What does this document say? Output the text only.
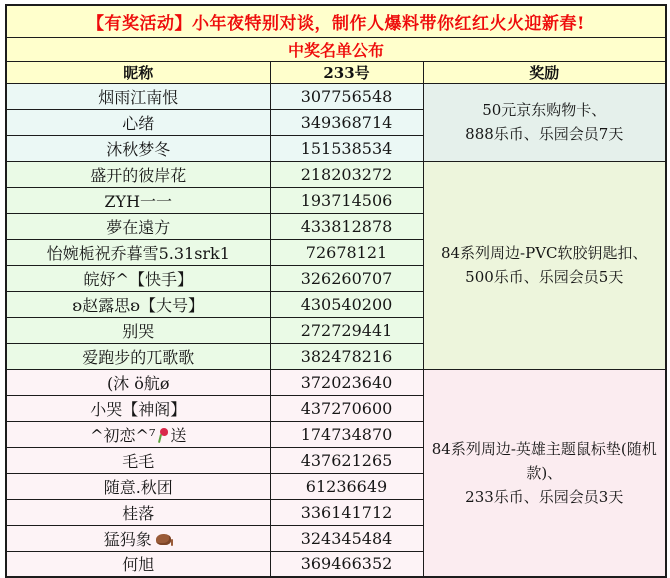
【有奖活动】小年夜特别对谈，制作人爆料带你红红火火迎新春!		
中奖名单公布		
昵称	233号	奖励
烟雨江南恨	307756548	50元京东购物卡、
888乐币、乐园会员7天

心绪	349368714	
沐秋梦冬	151538534	
盛开的彼岸花	218203272	84系列周边-PVC软胶钥匙扣、
500乐币、乐园会员5天

ZYH一一	193714506	
夢在遠方	433812878	
怡婉栀祝乔暮雪5.31srk1	72678121	
皖妤^【快手】	326260707	
ʚ赵露思ʚ【大号】	430540200	
别哭	272729441	
爱跑步的兀歌歌	382478216	
(沐 ö航ø	372023640	84系列周边-英雄主题鼠标垫(随机款)、
233乐币、乐园会员3天

小哭【神阁】	437270600	
^初恋^⁷ 送	174734870	
毛毛	437621265	
随意.秋团	61236649	
桂落	336141712	
猛犸象	324345484	
何旭	369466352	
